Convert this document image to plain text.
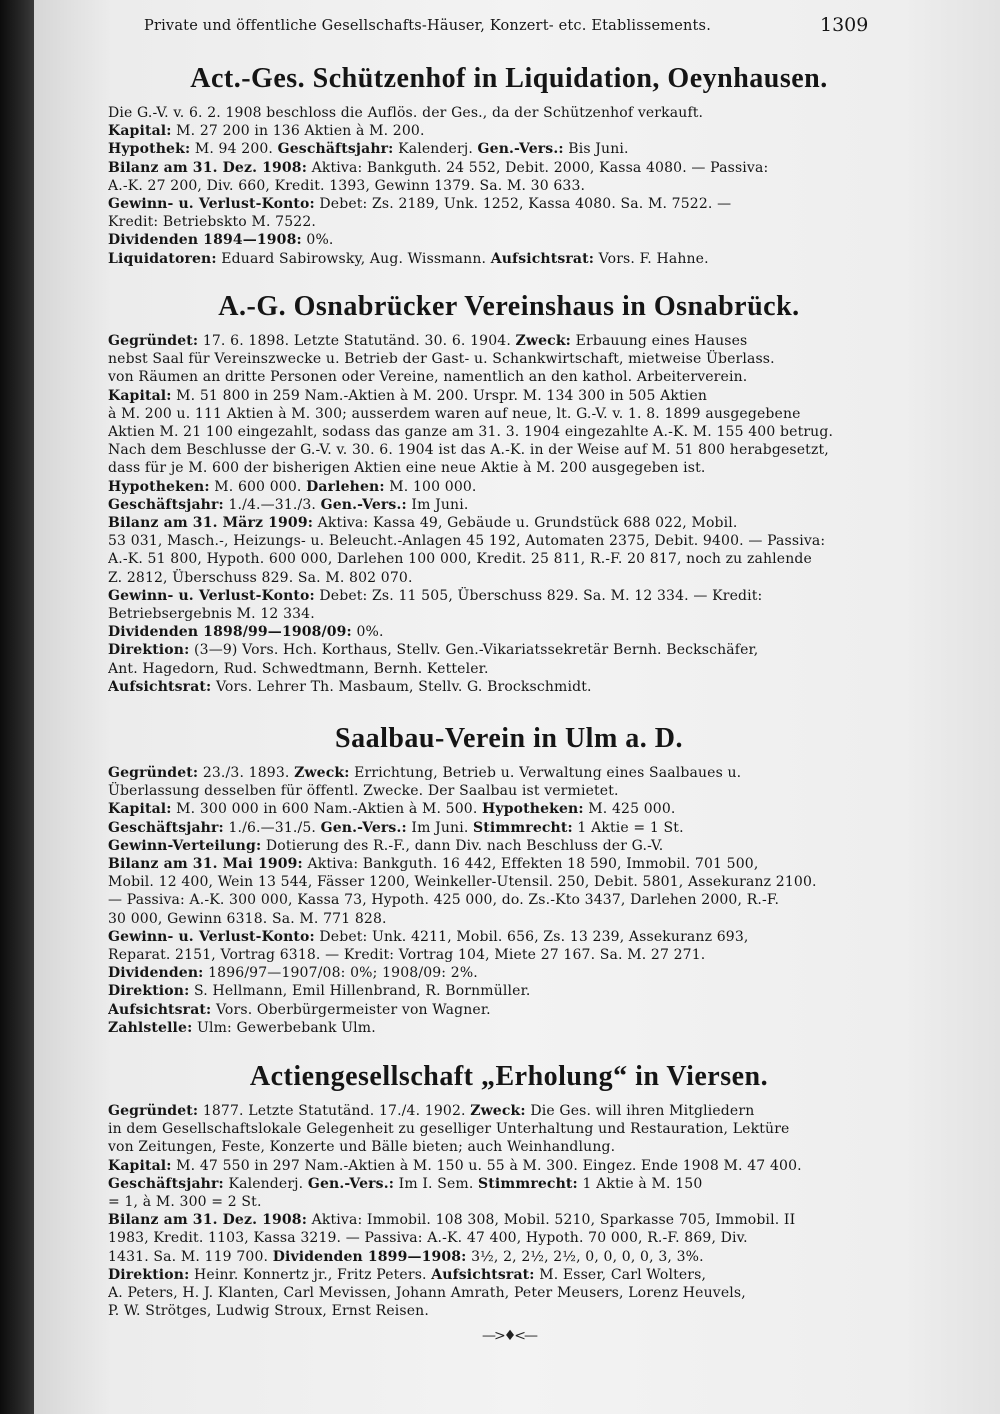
Private und öffentliche Gesellschafts-Häuser, Konzert- etc. Etablissements.	1309
Act.-Ges. Schützenhof in Liquidation, Oeynhausen.
Die G.-V. v. 6. 2. 1908 beschloss die Auflös. der Ges., da der Schützenhof verkauft.
Kapital: M. 27 200 in 136 Aktien à M. 200.
Hypothek: M. 94 200. Geschäftsjahr: Kalenderj. Gen.-Vers.: Bis Juni.
Bilanz am 31. Dez. 1908: Aktiva: Bankguth. 24 552, Debit. 2000, Kassa 4080. — Passiva:
A.-K. 27 200, Div. 660, Kredit. 1393, Gewinn 1379. Sa. M. 30 633.
Gewinn- u. Verlust-Konto: Debet: Zs. 2189, Unk. 1252, Kassa 4080. Sa. M. 7522. —
Kredit: Betriebskto M. 7522.
Dividenden 1894—1908: 0%.
Liquidatoren: Eduard Sabirowsky, Aug. Wissmann. Aufsichtsrat: Vors. F. Hahne.
A.-G. Osnabrücker Vereinshaus in Osnabrück.
Gegründet: 17. 6. 1898. Letzte Statutänd. 30. 6. 1904. Zweck: Erbauung eines Hauses
nebst Saal für Vereinszwecke u. Betrieb der Gast- u. Schankwirtschaft, mietweise Überlass.
von Räumen an dritte Personen oder Vereine, namentlich an den kathol. Arbeiterverein.
Kapital: M. 51 800 in 259 Nam.-Aktien à M. 200. Urspr. M. 134 300 in 505 Aktien
à M. 200 u. 111 Aktien à M. 300; ausserdem waren auf neue, lt. G.-V. v. 1. 8. 1899 ausgegebene
Aktien M. 21 100 eingezahlt, sodass das ganze am 31. 3. 1904 eingezahlte A.-K. M. 155 400 betrug.
Nach dem Beschlusse der G.-V. v. 30. 6. 1904 ist das A.-K. in der Weise auf M. 51 800 herabgesetzt,
dass für je M. 600 der bisherigen Aktien eine neue Aktie à M. 200 ausgegeben ist.
Hypotheken: M. 600 000. Darlehen: M. 100 000.
Geschäftsjahr: 1./4.—31./3. Gen.-Vers.: Im Juni.
Bilanz am 31. März 1909: Aktiva: Kassa 49, Gebäude u. Grundstück 688 022, Mobil.
53 031, Masch.-, Heizungs- u. Beleucht.-Anlagen 45 192, Automaten 2375, Debit. 9400. — Passiva:
A.-K. 51 800, Hypoth. 600 000, Darlehen 100 000, Kredit. 25 811, R.-F. 20 817, noch zu zahlende
Z. 2812, Überschuss 829. Sa. M. 802 070.
Gewinn- u. Verlust-Konto: Debet: Zs. 11 505, Überschuss 829. Sa. M. 12 334. — Kredit:
Betriebsergebnis M. 12 334.
Dividenden 1898/99—1908/09: 0%.
Direktion: (3—9) Vors. Hch. Korthaus, Stellv. Gen.-Vikariatssekretär Bernh. Beckschäfer,
Ant. Hagedorn, Rud. Schwedtmann, Bernh. Ketteler.
Aufsichtsrat: Vors. Lehrer Th. Masbaum, Stellv. G. Brockschmidt.
Saalbau-Verein in Ulm a. D.
Gegründet: 23./3. 1893. Zweck: Errichtung, Betrieb u. Verwaltung eines Saalbaues u.
Überlassung desselben für öffentl. Zwecke. Der Saalbau ist vermietet.
Kapital: M. 300 000 in 600 Nam.-Aktien à M. 500. Hypotheken: M. 425 000.
Geschäftsjahr: 1./6.—31./5. Gen.-Vers.: Im Juni. Stimmrecht: 1 Aktie = 1 St.
Gewinn-Verteilung: Dotierung des R.-F., dann Div. nach Beschluss der G.-V.
Bilanz am 31. Mai 1909: Aktiva: Bankguth. 16 442, Effekten 18 590, Immobil. 701 500,
Mobil. 12 400, Wein 13 544, Fässer 1200, Weinkeller-Utensil. 250, Debit. 5801, Assekuranz 2100.
— Passiva: A.-K. 300 000, Kassa 73, Hypoth. 425 000, do. Zs.-Kto 3437, Darlehen 2000, R.-F.
30 000, Gewinn 6318. Sa. M. 771 828.
Gewinn- u. Verlust-Konto: Debet: Unk. 4211, Mobil. 656, Zs. 13 239, Assekuranz 693,
Reparat. 2151, Vortrag 6318. — Kredit: Vortrag 104, Miete 27 167. Sa. M. 27 271.
Dividenden: 1896/97—1907/08: 0%; 1908/09: 2%.
Direktion: S. Hellmann, Emil Hillenbrand, R. Bornmüller.
Aufsichtsrat: Vors. Oberbürgermeister von Wagner.
Zahlstelle: Ulm: Gewerbebank Ulm.
Actiengesellschaft „Erholung“ in Viersen.
Gegründet: 1877. Letzte Statutänd. 17./4. 1902. Zweck: Die Ges. will ihren Mitgliedern
in dem Gesellschaftslokale Gelegenheit zu geselliger Unterhaltung und Restauration, Lektüre
von Zeitungen, Feste, Konzerte und Bälle bieten; auch Weinhandlung.
Kapital: M. 47 550 in 297 Nam.-Aktien à M. 150 u. 55 à M. 300. Eingez. Ende 1908 M. 47 400.
Geschäftsjahr: Kalenderj. Gen.-Vers.: Im I. Sem. Stimmrecht: 1 Aktie à M. 150
= 1, à M. 300 = 2 St.
Bilanz am 31. Dez. 1908: Aktiva: Immobil. 108 308, Mobil. 5210, Sparkasse 705, Immobil. II
1983, Kredit. 1103, Kassa 3219. — Passiva: A.-K. 47 400, Hypoth. 70 000, R.-F. 869, Div.
1431. Sa. M. 119 700. Dividenden 1899—1908: 3½, 2, 2½, 2½, 0, 0, 0, 0, 3, 3%.
Direktion: Heinr. Konnertz jr., Fritz Peters. Aufsichtsrat: M. Esser, Carl Wolters,
A. Peters, H. J. Klanten, Carl Mevissen, Johann Amrath, Peter Meusers, Lorenz Heuvels,
P. W. Strötges, Ludwig Stroux, Ernst Reisen.
—>♦<—
